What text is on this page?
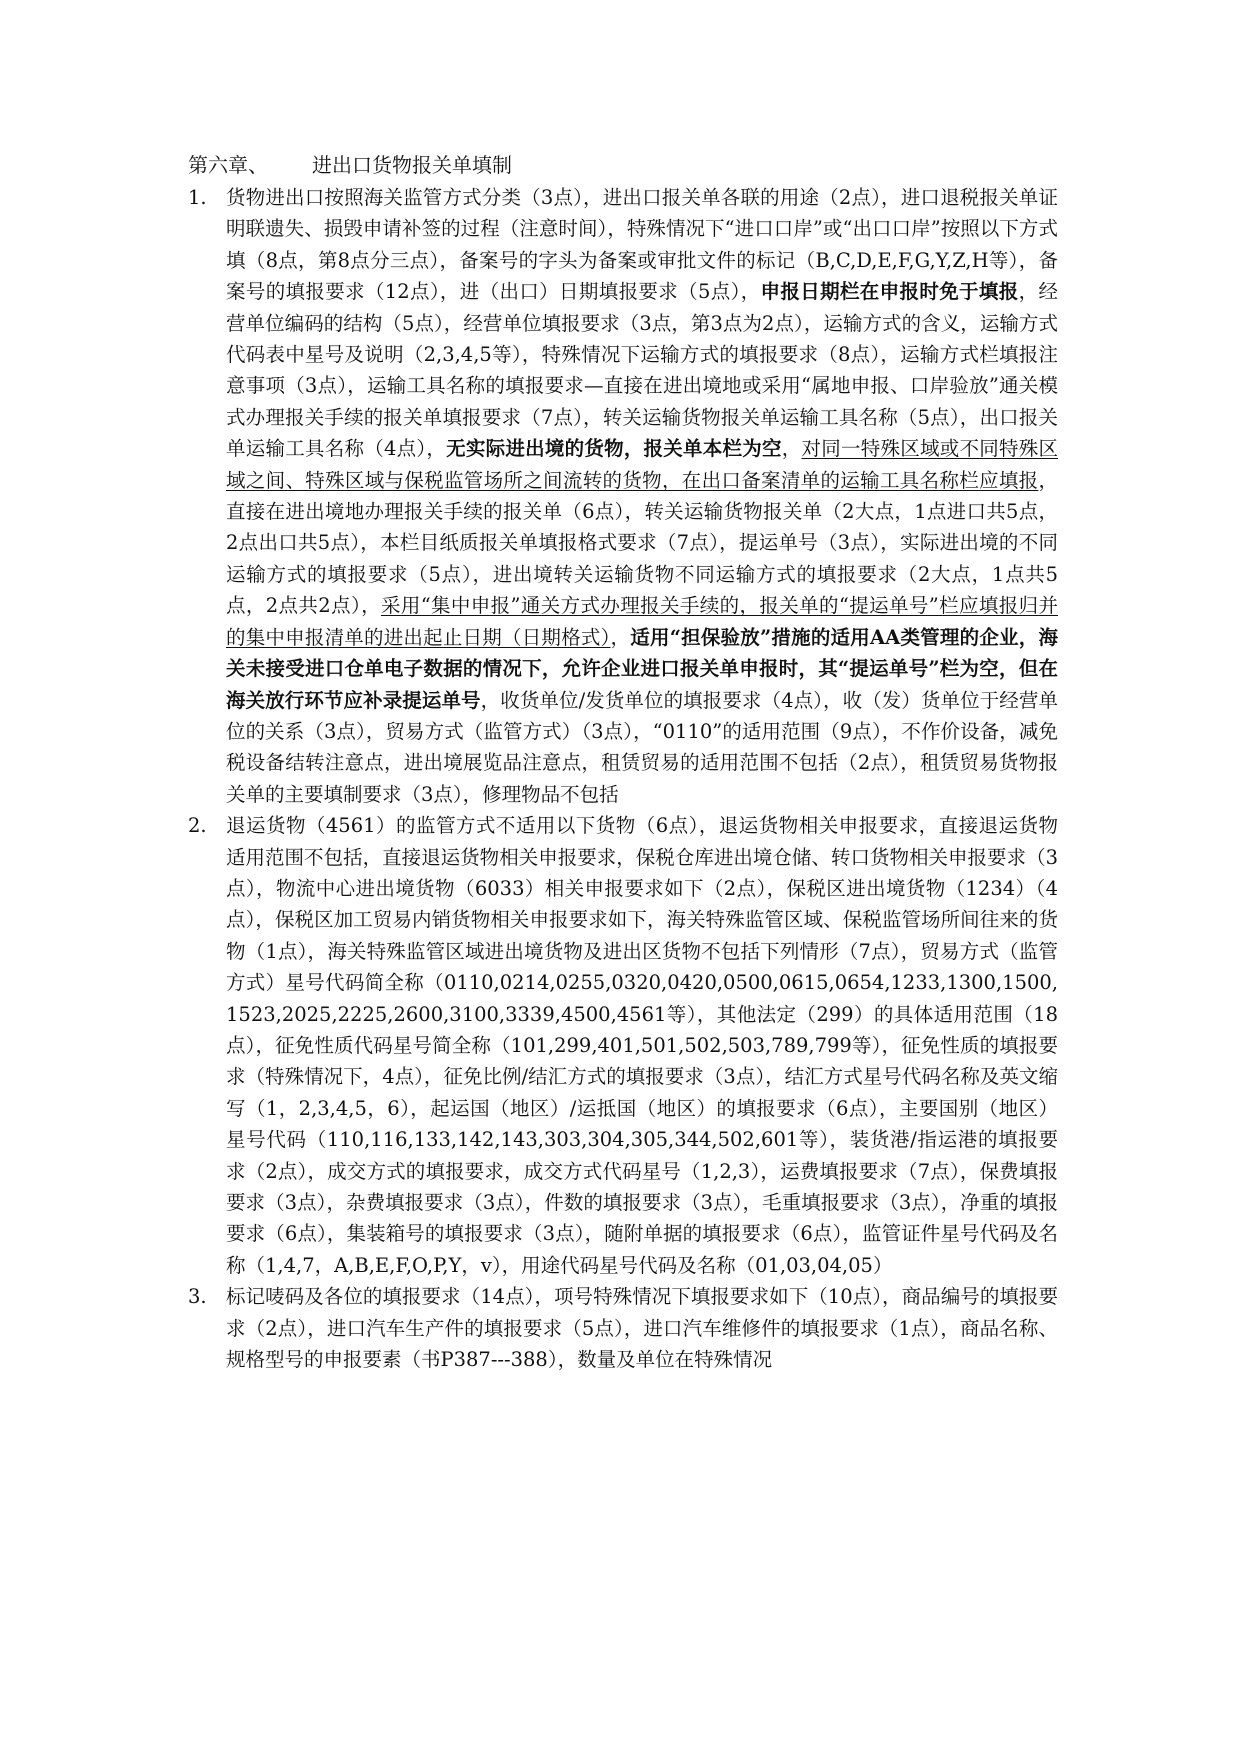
第六章、 进出口货物报关单填制
1. 货物进出口按照海关监管方式分类（3点），进出口报关单各联的用途（2点），进口退税报关单证明联遗失、损毁申请补签的过程（注意时间），特殊情况下“进口口岸”或“出口口岸”按照以下方式填（8点，第8点分三点），备案号的字头为备案或审批文件的标记（B,C,D,E,F,G,Y,Z,H等），备案号的填报要求（12点），进（出口）日期填报要求（5点），申报日期栏在申报时免于填报，经营单位编码的结构（5点），经营单位填报要求（3点，第3点为2点），运输方式的含义，运输方式代码表中星号及说明（2,3,4,5等），特殊情况下运输方式的填报要求（8点），运输方式栏填报注意事项（3点），运输工具名称的填报要求—直接在进出境地或采用“属地申报、口岸验放”通关模式办理报关手续的报关单填报要求（7点），转关运输货物报关单运输工具名称（5点），出口报关单运输工具名称（4点），无实际进出境的货物，报关单本栏为空，对同一特殊区域或不同特殊区域之间、特殊区域与保税监管场所之间流转的货物，在出口备案清单的运输工具名称栏应填报，直接在进出境地办理报关手续的报关单（6点），转关运输货物报关单（2大点，1点进口共5点，2点出口共5点），本栏目纸质报关单填报格式要求（7点），提运单号（3点），实际进出境的不同运输方式的填报要求（5点），进出境转关运输货物不同运输方式的填报要求（2大点，1点共5点，2点共2点），采用“集中申报”通关方式办理报关手续的，报关单的“提运单号”栏应填报归并的集中申报清单的进出起止日期（日期格式），适用“担保验放”措施的适用AA类管理的企业，海关未接受进口仓单电子数据的情况下，允许企业进口报关单申报时，其“提运单号”栏为空，但在海关放行环节应补录提运单号，收货单位/发货单位的填报要求（4点），收（发）货单位于经营单位的关系（3点），贸易方式（监管方式）（3点），“0110”的适用范围（9点），不作价设备，减免税设备结转注意点，进出境展览品注意点，租赁贸易的适用范围不包括（2点），租赁贸易货物报关单的主要填制要求（3点），修理物品不包括
2. 退运货物（4561）的监管方式不适用以下货物（6点），退运货物相关申报要求，直接退运货物适用范围不包括，直接退运货物相关申报要求，保税仓库进出境仓储、转口货物相关申报要求（3点），物流中心进出境货物（6033）相关申报要求如下（2点），保税区进出境货物（1234）（4点），保税区加工贸易内销货物相关申报要求如下，海关特殊监管区域、保税监管场所间往来的货物（1点），海关特殊监管区域进出境货物及进出区货物不包括下列情形（7点），贸易方式（监管方式）星号代码简全称（0110,0214,0255,0320,0420,0500,0615,0654,1233,1300,1500,1523,2025,2225,2600,3100,3339,4500,4561等），其他法定（299）的具体适用范围（18点），征免性质代码星号简全称（101,299,401,501,502,503,789,799等），征免性质的填报要求（特殊情况下，4点），征免比例/结汇方式的填报要求（3点），结汇方式星号代码名称及英文缩写（1，2,3,4,5，6），起运国（地区）/运抵国（地区）的填报要求（6点），主要国别（地区）星号代码（110,116,133,142,143,303,304,305,344,502,601等），装货港/指运港的填报要求（2点），成交方式的填报要求，成交方式代码星号（1,2,3），运费填报要求（7点），保费填报要求（3点），杂费填报要求（3点），件数的填报要求（3点），毛重填报要求（3点），净重的填报要求（6点），集装箱号的填报要求（3点），随附单据的填报要求（6点），监管证件星号代码及名称（1,4,7，A,B,E,F,O,P,Y，v），用途代码星号代码及名称（01,03,04,05）
3. 标记唛码及各位的填报要求（14点），项号特殊情况下填报要求如下（10点），商品编号的填报要求（2点），进口汽车生产件的填报要求（5点），进口汽车维修件的填报要求（1点），商品名称、规格型号的申报要素（书P387---388），数量及单位在特殊情况
